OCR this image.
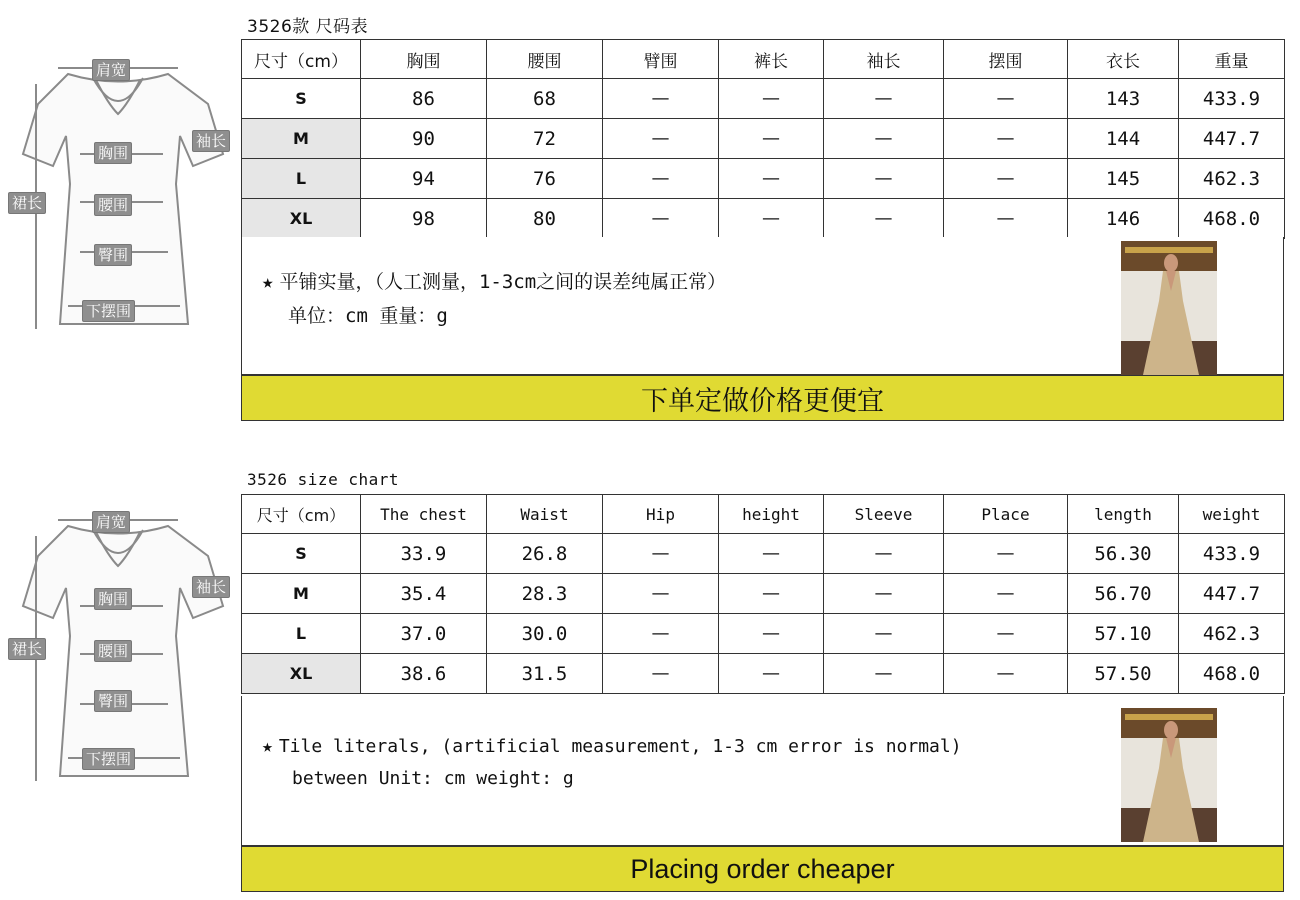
3526款 尺码表
肩宽
袖长
胸围
裙长	腰围
臀围
下摆围
尺寸（cm）	胸围	腰围	臂围	裤长	袖长	摆围	衣长	重量
S	86	68	—	—	—	—	143	433.9
M	90	72	—	—	—	—	144	447.7
L	94	76	—	—	—	—	145	462.3
XL	98	80	—	—	—	—	146	468.0
★ 平铺实量，（人工测量，1-3cm之间的误差纯属正常）
单位：cm 重量：g
下单定做价格更便宜
3526 size chart
肩宽
袖长
胸围
裙长	腰围
臀围
下摆围
尺寸（cm）	The chest	Waist	Hip	height	Sleeve	Place	length	weight
S	33.9	26.8	—	—	—	—	56.30	433.9
M	35.4	28.3	—	—	—	—	56.70	447.7
L	37.0	30.0	—	—	—	—	57.10	462.3
XL	38.6	31.5	—	—	—	—	57.50	468.0
★ Tile literals, (artificial measurement, 1-3 cm error is normal)
between Unit: cm weight: g
Placing order cheaper
